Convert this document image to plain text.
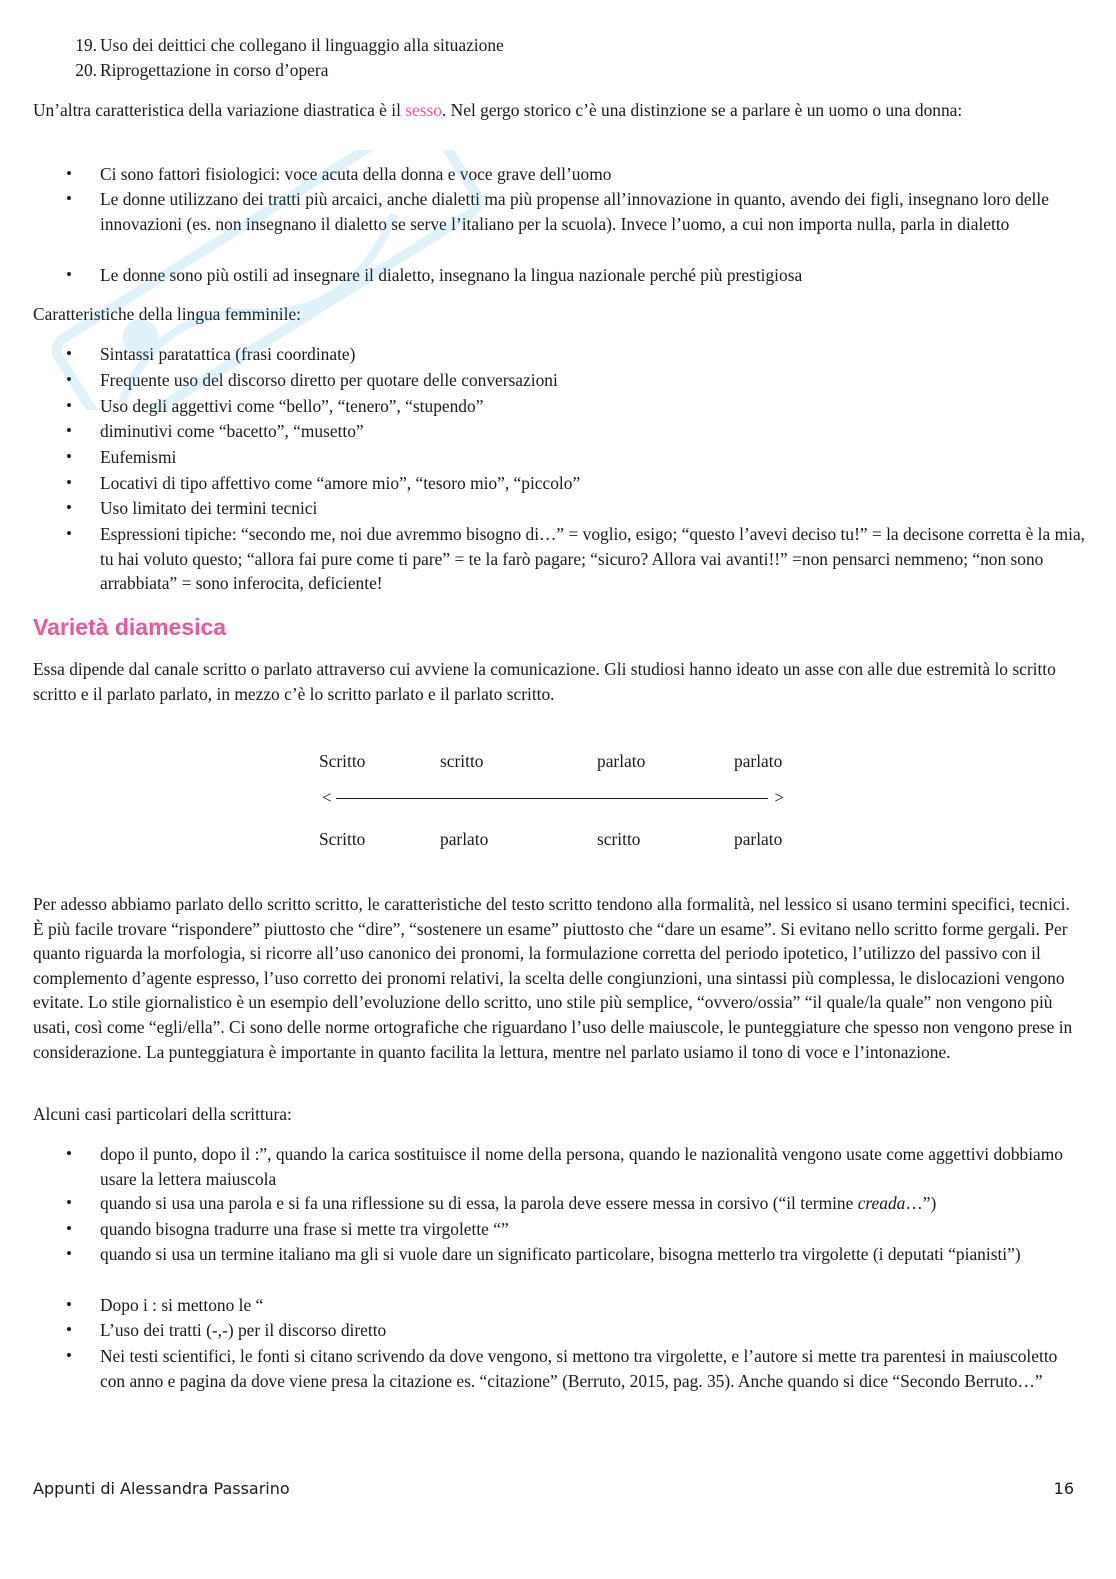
19. Uso dei deittici che collegano il linguaggio alla situazione
20. Riprogettazione in corso d’opera
Un’altra caratteristica della variazione diastratica è il sesso. Nel gergo storico c’è una distinzione se a parlare è un uomo o una donna:
• Ci sono fattori fisiologici: voce acuta della donna e voce grave dell’uomo
• Le donne utilizzano dei tratti più arcaici, anche dialetti ma più propense all’innovazione in quanto, avendo dei figli, insegnano loro delle innovazioni (es. non insegnano il dialetto se serve l’italiano per la scuola). Invece l’uomo, a cui non importa nulla, parla in dialetto
• Le donne sono più ostili ad insegnare il dialetto, insegnano la lingua nazionale perché più prestigiosa
Caratteristiche della lingua femminile:
• Sintassi paratattica (frasi coordinate)
• Frequente uso del discorso diretto per quotare delle conversazioni
• Uso degli aggettivi come “bello”, “tenero”, “stupendo”
• diminutivi come “bacetto”, “musetto”
• Eufemismi
• Locativi di tipo affettivo come “amore mio”, “tesoro mio”, “piccolo”
• Uso limitato dei termini tecnici
• Espressioni tipiche: “secondo me, noi due avremmo bisogno di…” = voglio, esigo; “questo l’avevi deciso tu!” = la decisone corretta è la mia, tu hai voluto questo; “allora fai pure come ti pare” = te la farò pagare; “sicuro? Allora vai avanti!!” =non pensarci nemmeno; “non sono arrabbiata” = sono inferocita, deficiente!
Varietà diamesica
Essa dipende dal canale scritto o parlato attraverso cui avviene la comunicazione. Gli studiosi hanno ideato un asse con alle due estremità lo scritto scritto e il parlato parlato, in mezzo c’è lo scritto parlato e il parlato scritto.
Scritto	scritto	parlato	parlato
<	>
Scritto	parlato	scritto	parlato
Per adesso abbiamo parlato dello scritto scritto, le caratteristiche del testo scritto tendono alla formalità, nel lessico si usano termini specifici, tecnici. È più facile trovare “rispondere” piuttosto che “dire”, “sostenere un esame” piuttosto che “dare un esame”. Si evitano nello scritto forme gergali. Per quanto riguarda la morfologia, si ricorre all’uso canonico dei pronomi, la formulazione corretta del periodo ipotetico, l’utilizzo del passivo con il complemento d’agente espresso, l’uso corretto dei pronomi relativi, la scelta delle congiunzioni, una sintassi più complessa, le dislocazioni vengono evitate. Lo stile giornalistico è un esempio dell’evoluzione dello scritto, uno stile più semplice, “ovvero/ossia” “il quale/la quale” non vengono più usati, così come “egli/ella”. Ci sono delle norme ortografiche che riguardano l’uso delle maiuscole, le punteggiature che spesso non vengono prese in considerazione. La punteggiatura è importante in quanto facilita la lettura, mentre nel parlato usiamo il tono di voce e l’intonazione.
Alcuni casi particolari della scrittura:
• dopo il punto, dopo il :”, quando la carica sostituisce il nome della persona, quando le nazionalità vengono usate come aggettivi dobbiamo usare la lettera maiuscola
• quando si usa una parola e si fa una riflessione su di essa, la parola deve essere messa in corsivo (“il termine creada…”)
• quando bisogna tradurre una frase si mette tra virgolette “”
• quando si usa un termine italiano ma gli si vuole dare un significato particolare, bisogna metterlo tra virgolette (i deputati “pianisti”)
• Dopo i : si mettono le “
• L’uso dei tratti (-,-) per il discorso diretto
• Nei testi scientifici, le fonti si citano scrivendo da dove vengono, si mettono tra virgolette, e l’autore si mette tra parentesi in maiuscoletto con anno e pagina da dove viene presa la citazione es. “citazione” (Berruto, 2015, pag. 35). Anche quando si dice “Secondo Berruto…”
Appunti di Alessandra Passarino	16
